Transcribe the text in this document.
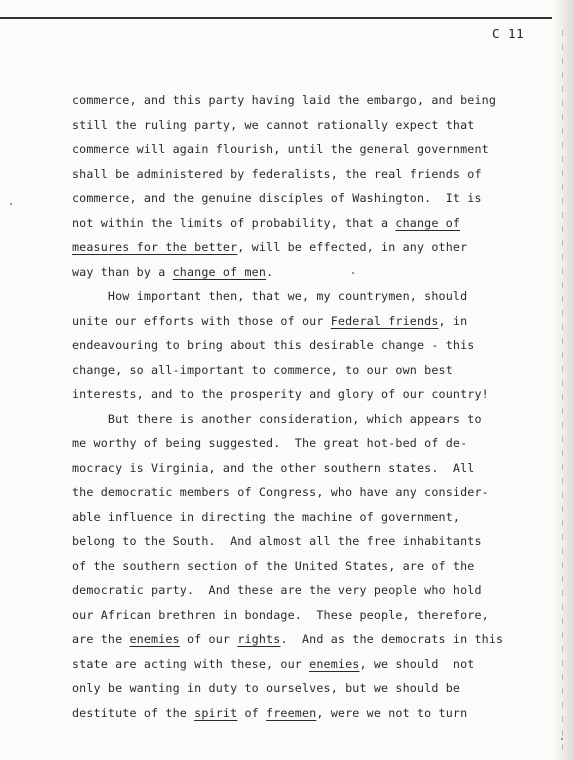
C 11
commerce, and this party having laid the embargo, and being
still the ruling party, we cannot rationally expect that
commerce will again flourish, until the general government
shall be administered by federalists, the real friends of
commerce, and the genuine disciples of Washington.  It is
not within the limits of probability, that a change of
measures for the better, will be effected, in any other
way than by a change of men.
How important then, that we, my countrymen, should
unite our efforts with those of our Federal friends, in
endeavouring to bring about this desirable change - this
change, so all-important to commerce, to our own best
interests, and to the prosperity and glory of our country!
But there is another consideration, which appears to
me worthy of being suggested.  The great hot-bed of de-
mocracy is Virginia, and the other southern states.  All
the democratic members of Congress, who have any consider-
able influence in directing the machine of government,
belong to the South.  And almost all the free inhabitants
of the southern section of the United States, are of the
democratic party.  And these are the very people who hold
our African brethren in bondage.  These people, therefore,
are the enemies of our rights.  And as the democrats in this
state are acting with these, our enemies, we should  not
only be wanting in duty to ourselves, but we should be
destitute of the spirit of freemen, were we not to turn
